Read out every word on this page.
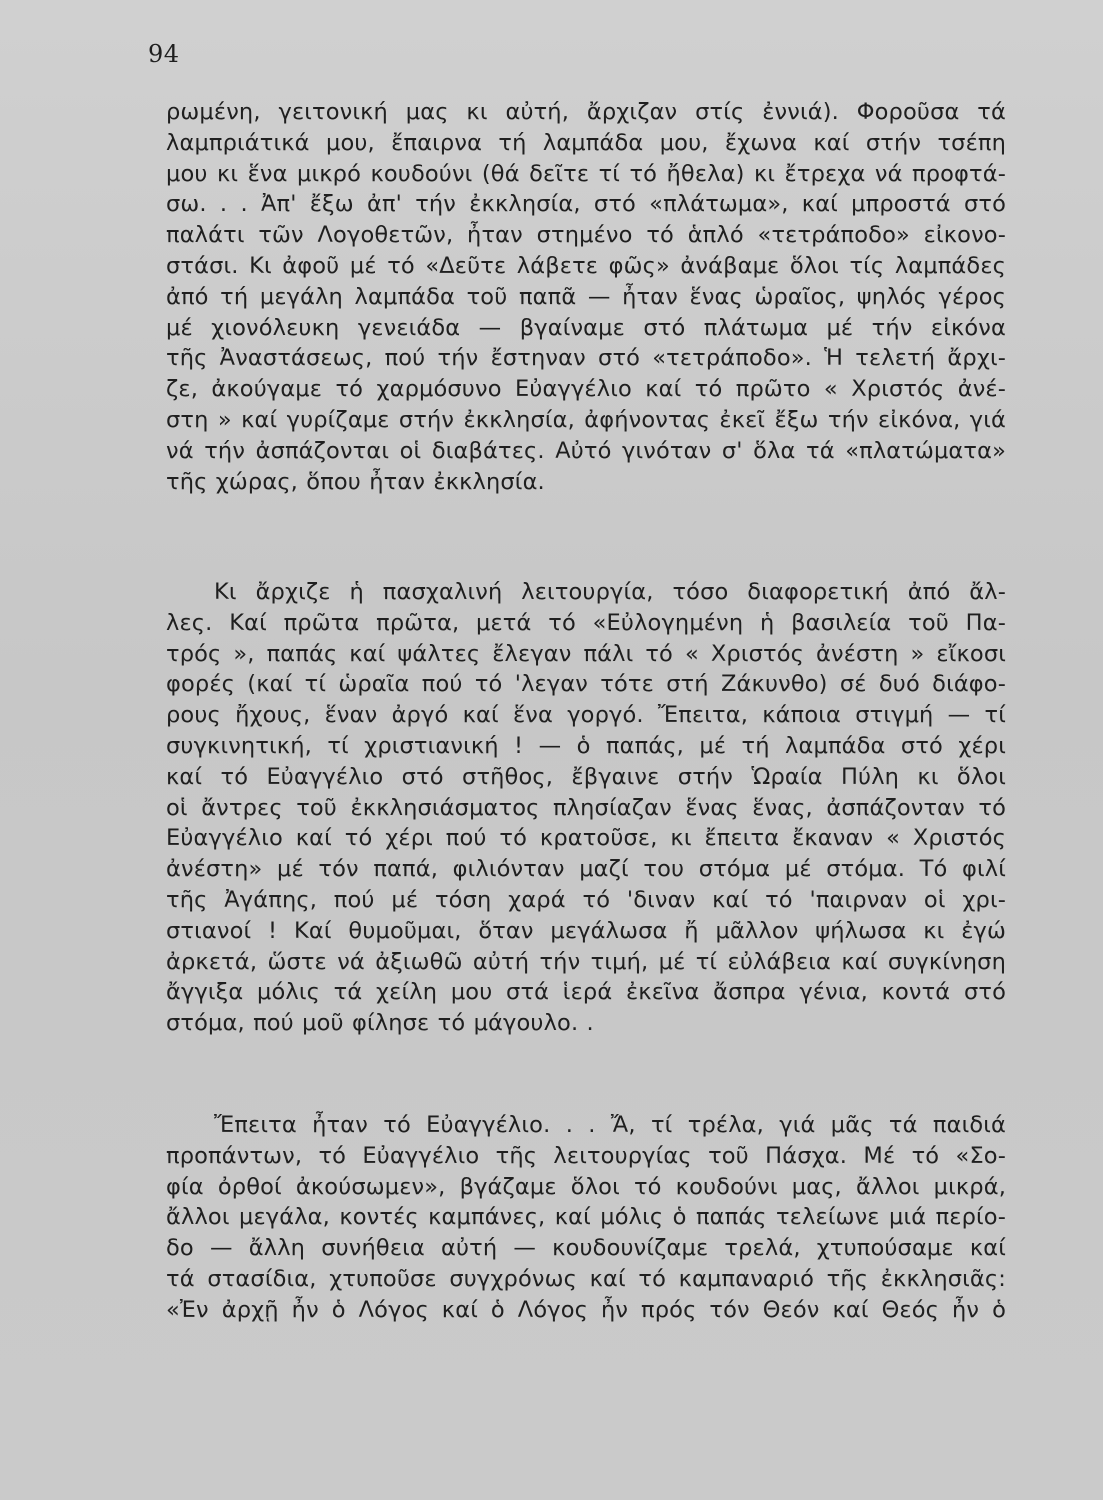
94
ρωμένη, γειτονική μας κι αὐτή, ἄρχιζαν στίς ἐννιά). Φοροῦσα τά
λαμπριάτικά μου, ἔπαιρνα τή λαμπάδα μου, ἔχωνα καί στήν τσέπη
μου κι ἕνα μικρό κουδούνι (θά δεῖτε τί τό ἤθελα) κι ἔτρεχα νά προφτά-
σω. . . Ἀπ' ἔξω ἀπ' τήν ἐκκλησία, στό «πλάτωμα», καί μπροστά στό
παλάτι τῶν Λογοθετῶν, ἦταν στημένο τό ἁπλό «τετράποδο» εἰκονο-
στάσι. Κι ἀφοῦ μέ τό «Δεῦτε λάβετε φῶς» ἀνάβαμε ὅλοι τίς λαμπάδες
ἀπό τή μεγάλη λαμπάδα τοῦ παπᾶ — ἦταν ἕνας ὡραῖος, ψηλός γέρος
μέ χιονόλευκη γενειάδα — βγαίναμε στό πλάτωμα μέ τήν εἰκόνα
τῆς Ἀναστάσεως, πού τήν ἔστηναν στό «τετράποδο». Ἡ τελετή ἄρχι-
ζε, ἀκούγαμε τό χαρμόσυνο Εὐαγγέλιο καί τό πρῶτο « Χριστός ἀνέ-
στη » καί γυρίζαμε στήν ἐκκλησία, ἀφήνοντας ἐκεῖ ἔξω τήν εἰκόνα, γιά
νά τήν ἀσπάζονται οἱ διαβάτες. Αὐτό γινόταν σ' ὅλα τά «πλατώματα»
τῆς χώρας, ὅπου ἦταν ἐκκλησία.
Κι ἄρχιζε ἡ πασχαλινή λειτουργία, τόσο διαφορετική ἀπό ἄλ-
λες. Καί πρῶτα πρῶτα, μετά τό «Εὐλογημένη ἡ βασιλεία τοῦ Πα-
τρός », παπάς καί ψάλτες ἔλεγαν πάλι τό « Χριστός ἀνέστη » εἴκοσι
φορές (καί τί ὡραῖα πού τό 'λεγαν τότε στή Ζάκυνθο) σέ δυό διάφο-
ρους ἤχους, ἕναν ἀργό καί ἕνα γοργό. Ἔπειτα, κάποια στιγμή — τί
συγκινητική, τί χριστιανική ! — ὁ παπάς, μέ τή λαμπάδα στό χέρι
καί τό Εὐαγγέλιο στό στῆθος, ἔβγαινε στήν Ὡραία Πύλη κι ὅλοι
οἱ ἄντρες τοῦ ἐκκλησιάσματος πλησίαζαν ἕνας ἕνας, ἀσπάζονταν τό
Εὐαγγέλιο καί τό χέρι πού τό κρατοῦσε, κι ἔπειτα ἔκαναν « Χριστός
ἀνέστη» μέ τόν παπά, φιλιόνταν μαζί του στόμα μέ στόμα. Τό φιλί
τῆς Ἀγάπης, πού μέ τόση χαρά τό 'διναν καί τό 'παιρναν οἱ χρι-
στιανοί ! Καί θυμοῦμαι, ὅταν μεγάλωσα ἤ μᾶλλον ψήλωσα κι ἐγώ
ἀρκετά, ὥστε νά ἀξιωθῶ αὐτή τήν τιμή, μέ τί εὐλάβεια καί συγκίνηση
ἄγγιξα μόλις τά χείλη μου στά ἱερά ἐκεῖνα ἄσπρα γένια, κοντά στό
στόμα, πού μοῦ φίλησε τό μάγουλο. .
Ἔπειτα ἦταν τό Εὐαγγέλιο. . . Ἄ, τί τρέλα, γιά μᾶς τά παιδιά
προπάντων, τό Εὐαγγέλιο τῆς λειτουργίας τοῦ Πάσχα. Μέ τό «Σο-
φία ὀρθοί ἀκούσωμεν», βγάζαμε ὅλοι τό κουδούνι μας, ἄλλοι μικρά,
ἄλλοι μεγάλα, κοντές καμπάνες, καί μόλις ὁ παπάς τελείωνε μιά περίο-
δο — ἄλλη συνήθεια αὐτή — κουδουνίζαμε τρελά, χτυπούσαμε καί
τά στασίδια, χτυποῦσε συγχρόνως καί τό καμπαναριό τῆς ἐκκλησιᾶς:
«Ἐν ἀρχῇ ἦν ὁ Λόγος καί ὁ Λόγος ἦν πρός τόν Θεόν καί Θεός ἦν ὁ
